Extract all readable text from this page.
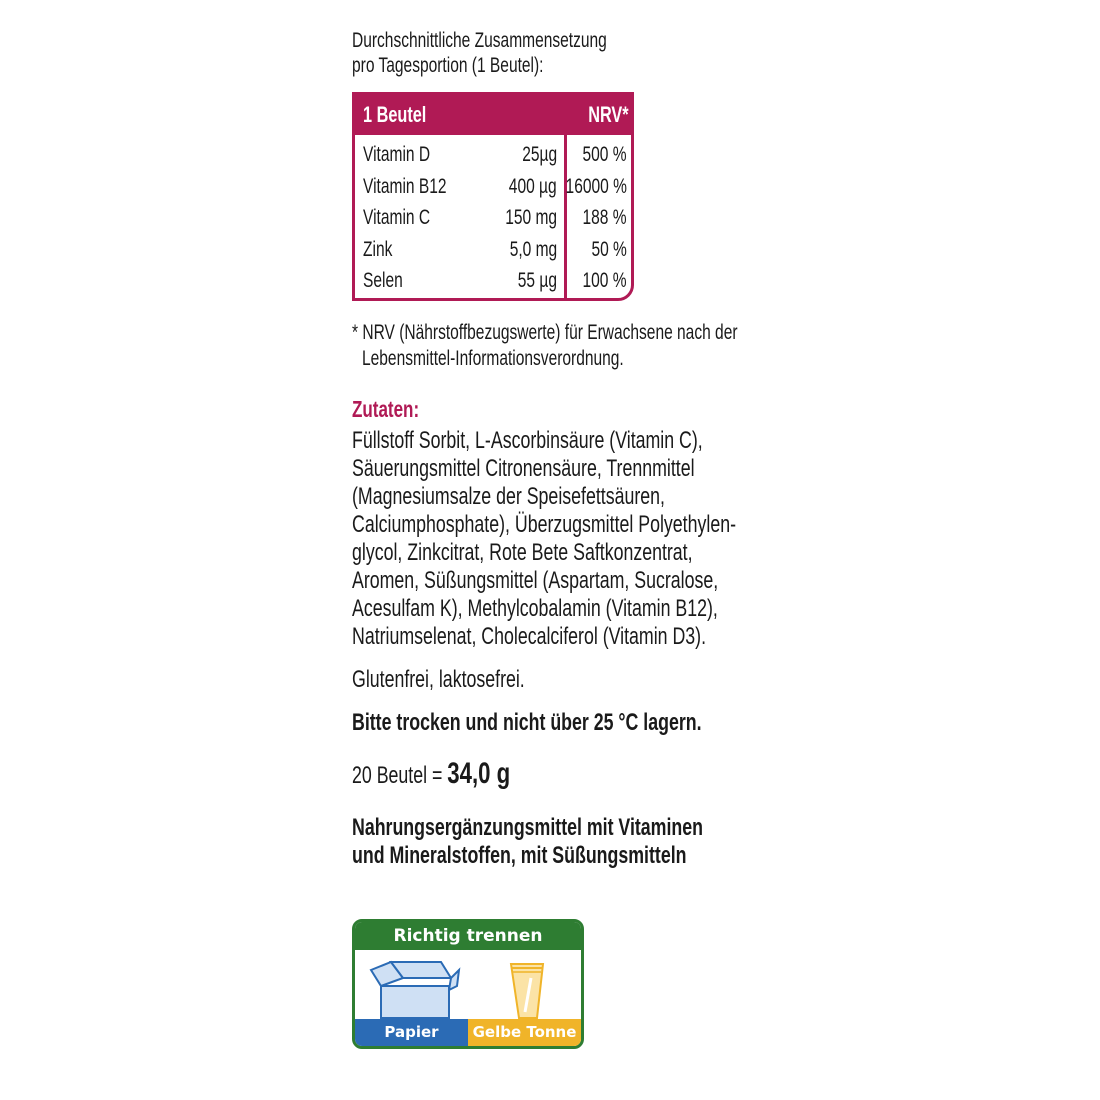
Durchschnittliche Zusammensetzung
pro Tagesportion (1 Beutel):
1 Beutel	NRV*
Vitamin D	25µg 500 %
Vitamin B12	400 µg 16000 %
Vitamin C	150 mg 188 %
Zink	5,0 mg 50 %
Selen	55 µg 100 %
* NRV (Nährstoffbezugswerte) für Erwachsene nach der
Lebensmittel-Informationsverordnung.
Zutaten:
Füllstoff Sorbit, L-Ascorbinsäure (Vitamin C),
Säuerungsmittel Citronensäure, Trennmittel
(Magnesiumsalze der Speisefettsäuren,
Calciumphosphate), Überzugsmittel Polyethylen-
glycol, Zinkcitrat, Rote Bete Saftkonzentrat,
Aromen, Süßungsmittel (Aspartam, Sucralose,
Acesulfam K), Methylcobalamin (Vitamin B12),
Natriumselenat, Cholecalciferol (Vitamin D3).
Glutenfrei, laktosefrei.
Bitte trocken und nicht über 25 °C lagern.
20 Beutel = 34,0 g
Nahrungsergänzungsmittel mit Vitaminen
und Mineralstoffen, mit Süßungsmitteln
Richtig trennen
Papier	Gelbe Tonne
